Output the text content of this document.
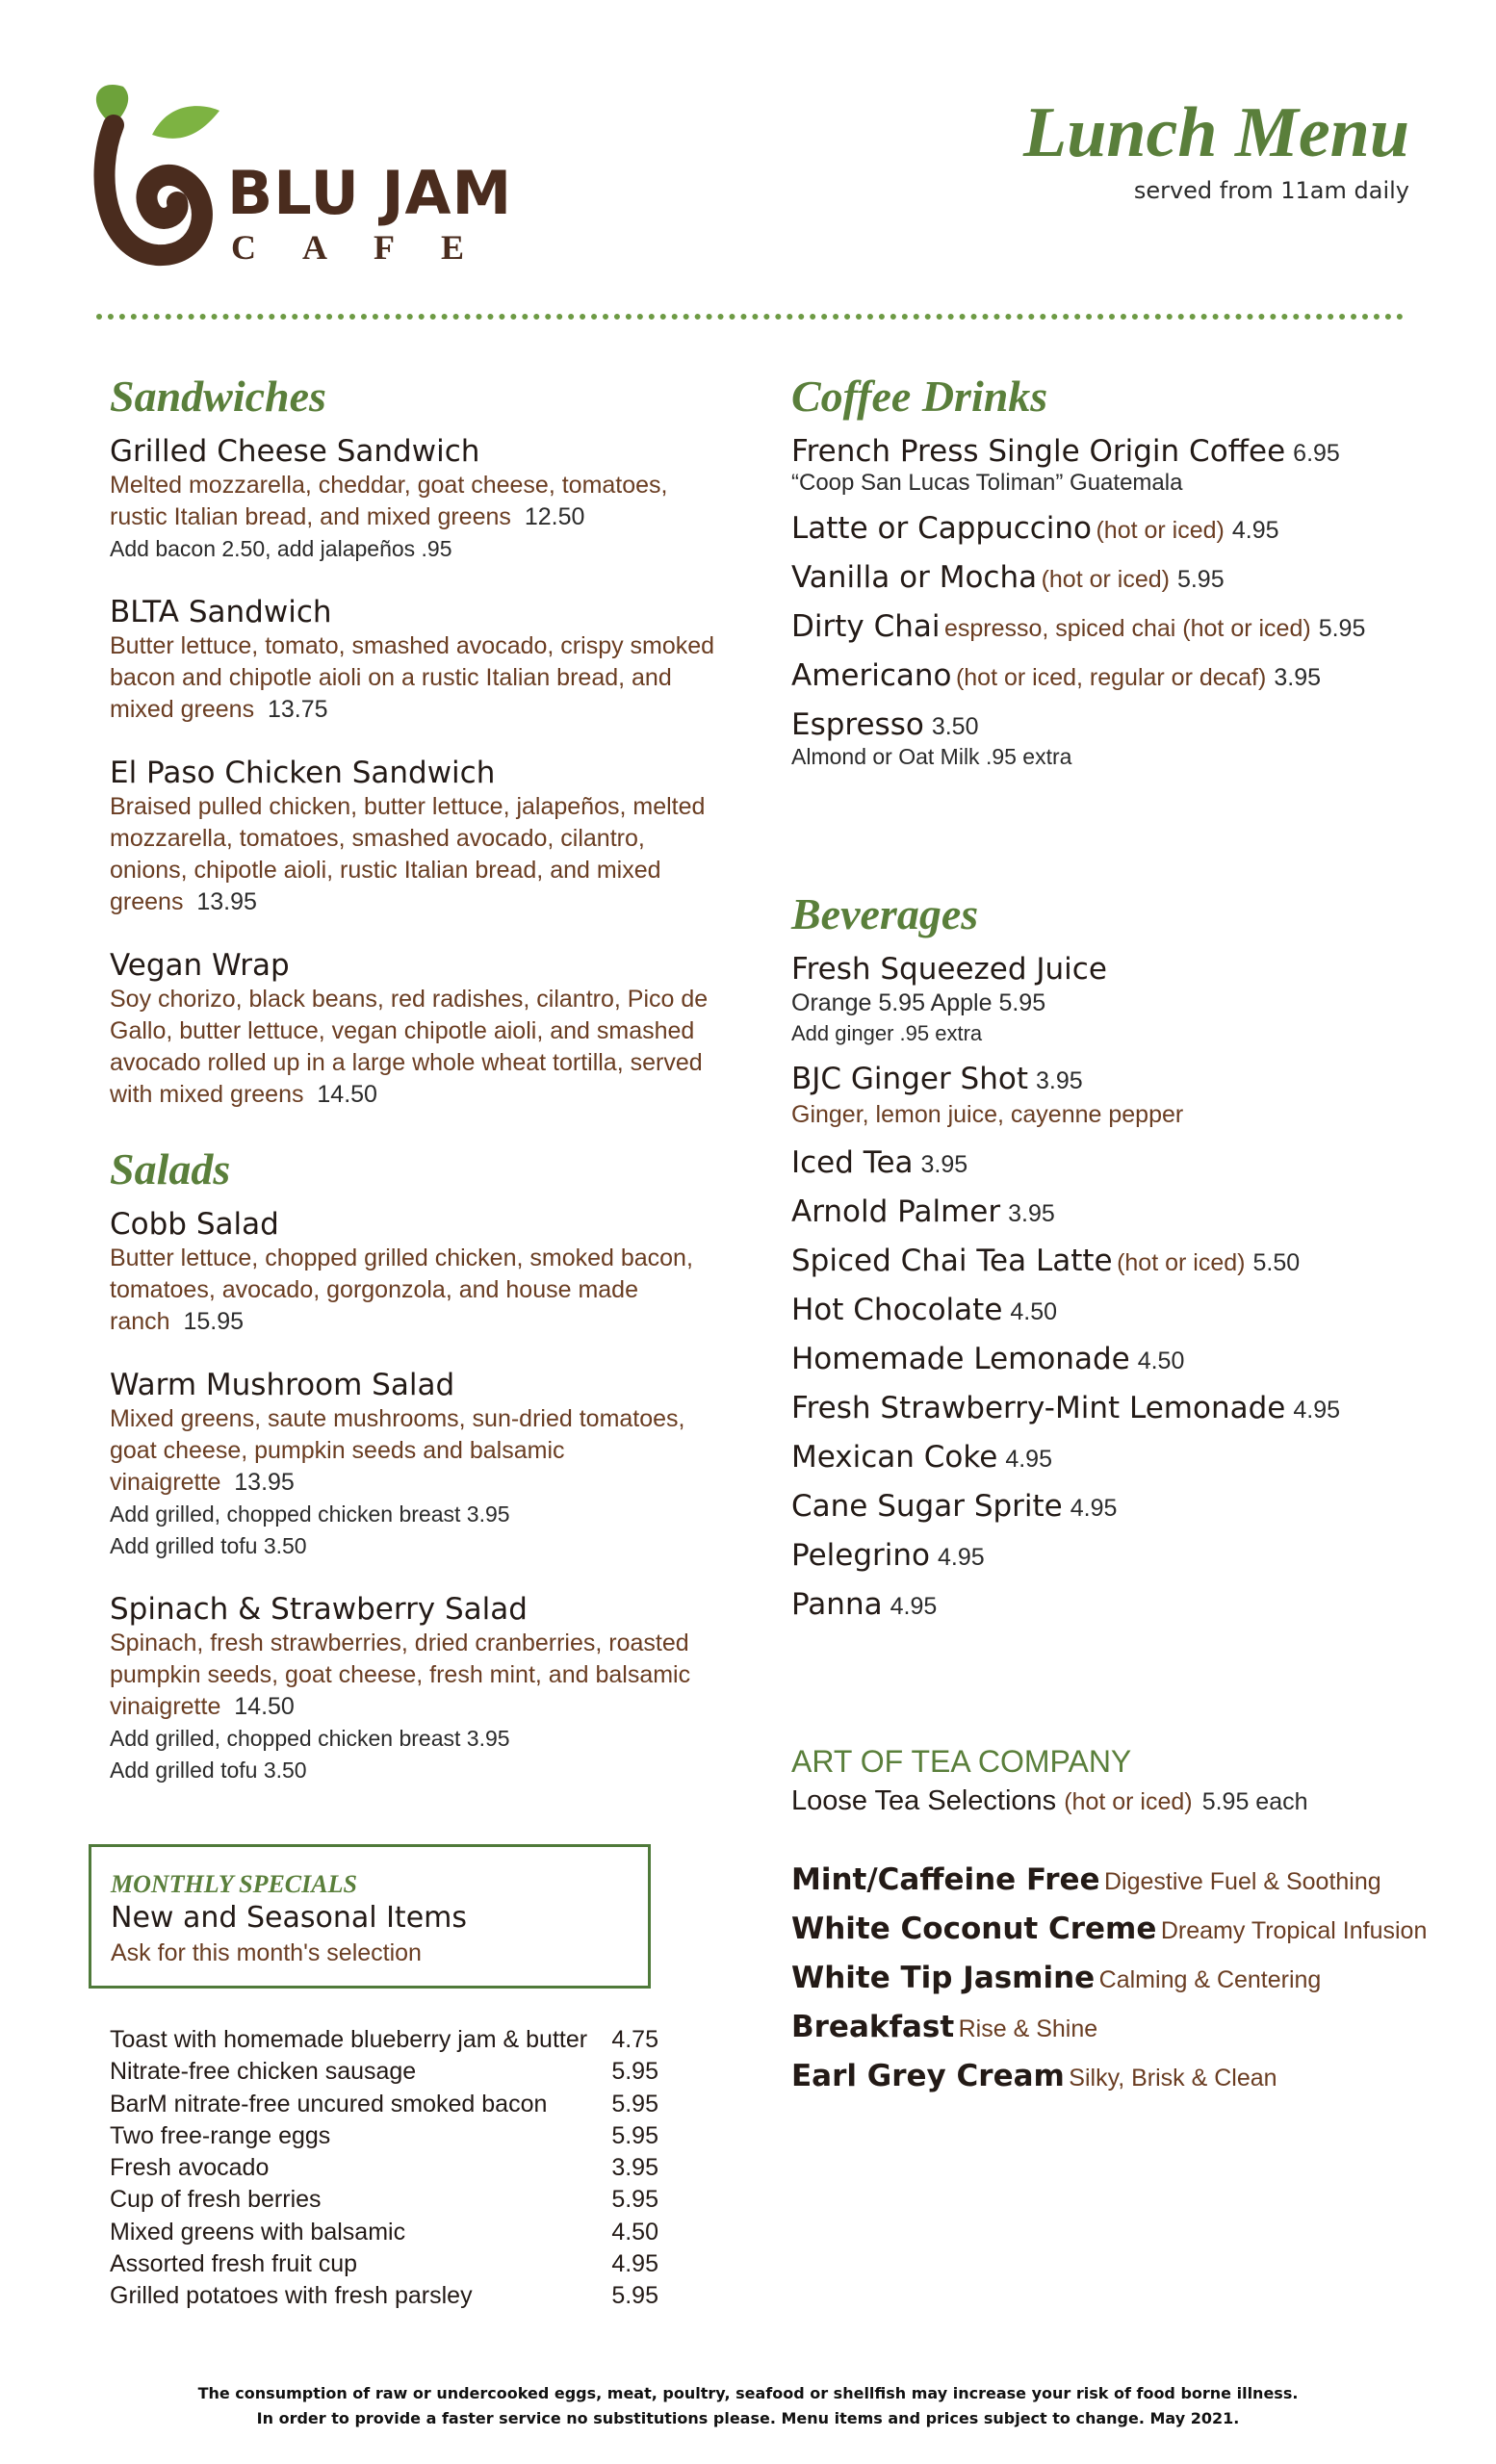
BLU JAM
CAFE
Lunch Menu
served from 11am daily
Sandwiches
Grilled Cheese Sandwich
Melted mozzarella, cheddar, goat cheese, tomatoes, rustic Italian bread, and mixed greens 12.50
Add bacon 2.50, add jalapeños .95
BLTA Sandwich
Butter lettuce, tomato, smashed avocado, crispy smoked bacon and chipotle aioli on a rustic Italian bread, and mixed greens 13.75
El Paso Chicken Sandwich
Braised pulled chicken, butter lettuce, jalapeños, melted mozzarella, tomatoes, smashed avocado, cilantro, onions, chipotle aioli, rustic Italian bread, and mixed greens 13.95
Vegan Wrap
Soy chorizo, black beans, red radishes, cilantro, Pico de Gallo, butter lettuce, vegan chipotle aioli, and smashed avocado rolled up in a large whole wheat tortilla, served with mixed greens 14.50
Salads
Cobb Salad
Butter lettuce, chopped grilled chicken, smoked bacon, tomatoes, avocado, gorgonzola, and house made ranch 15.95
Warm Mushroom Salad
Mixed greens, saute mushrooms, sun-dried tomatoes, goat cheese, pumpkin seeds and balsamic vinaigrette 13.95
Add grilled, chopped chicken breast 3.95
Add grilled tofu 3.50
Spinach & Strawberry Salad
Spinach, fresh strawberries, dried cranberries, roasted pumpkin seeds, goat cheese, fresh mint, and balsamic vinaigrette 14.50
Add grilled, chopped chicken breast 3.95
Add grilled tofu 3.50
MONTHLY SPECIALS
New and Seasonal Items
Ask for this month's selection
Toast with homemade blueberry jam & butter 4.75
Nitrate-free chicken sausage	5.95
BarM nitrate-free uncured smoked bacon	5.95
Two free-range eggs	5.95
Fresh avocado	3.95
Cup of fresh berries	5.95
Mixed greens with balsamic	4.50
Assorted fresh fruit cup	4.95
Grilled potatoes with fresh parsley	5.95
Coffee Drinks
French Press Single Origin Coffee 6.95
“Coop San Lucas Toliman” Guatemala
Latte or Cappuccino (hot or iced) 4.95
Vanilla or Mocha (hot or iced) 5.95
Dirty Chai espresso, spiced chai (hot or iced) 5.95
Americano (hot or iced, regular or decaf) 3.95
Espresso 3.50
Almond or Oat Milk .95 extra
Beverages
Fresh Squeezed Juice
Orange 5.95 Apple 5.95
Add ginger .95 extra
BJC Ginger Shot 3.95
Ginger, lemon juice, cayenne pepper
Iced Tea 3.95
Arnold Palmer 3.95
Spiced Chai Tea Latte (hot or iced) 5.50
Hot Chocolate 4.50
Homemade Lemonade 4.50
Fresh Strawberry-Mint Lemonade 4.95
Mexican Coke 4.95
Cane Sugar Sprite 4.95
Pelegrino 4.95
Panna 4.95
ART OF TEA COMPANY
Loose Tea Selections (hot or iced) 5.95 each
Mint/Caffeine Free Digestive Fuel & Soothing
White Coconut Creme Dreamy Tropical Infusion
White Tip Jasmine Calming & Centering
Breakfast Rise & Shine
Earl Grey Cream Silky, Brisk & Clean
The consumption of raw or undercooked eggs, meat, poultry, seafood or shellfish may increase your risk of food borne illness.
In order to provide a faster service no substitutions please. Menu items and prices subject to change. May 2021.
